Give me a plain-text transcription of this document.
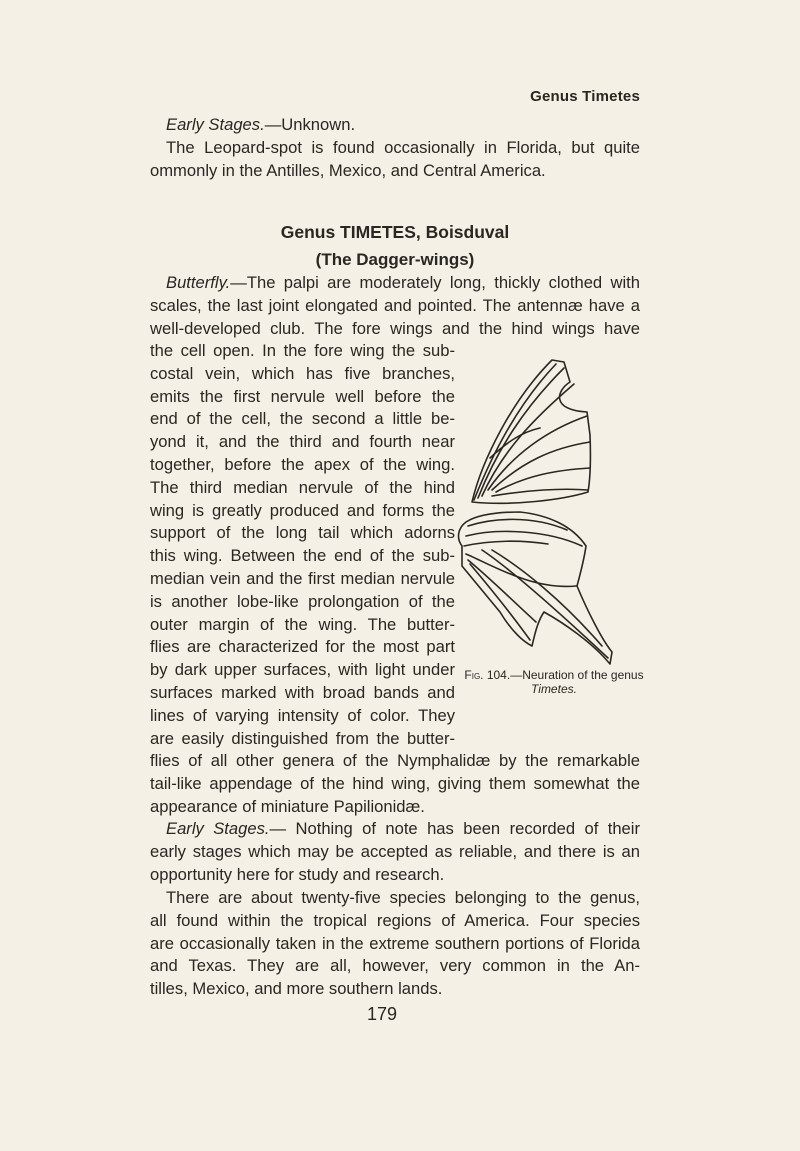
Genus Timetes

Early Stages.—Unknown.

The Leopard-spot is found occasionally in Florida, but quite

ommonly in the Antilles, Mexico, and Central America.

Genus TIMETES, Boisduval
(The Dagger-wings)

Butterfly.—The palpi are moderately long, thickly clothed with

scales, the last joint elongated and pointed. The antennæ have a

well-developed club. The fore wings and the hind wings have

the cell open. In the fore wing the sub-

costal vein, which has five branches,

emits the first nervule well before the

end of the cell, the second a little be-

yond it, and the third and fourth near

together, before the apex of the wing.

The third median nervule of the hind

wing is greatly produced and forms the

support of the long tail which adorns

this wing. Between the end of the sub-

median vein and the first median nervule

is another lobe-like prolongation of the

outer margin of the wing. The butter-

flies are characterized for the most part

by dark upper surfaces, with light under

surfaces marked with broad bands and

lines of varying intensity of color. They

are easily distinguished from the butter-

Fig. 104.—Neuration of the genus Timetes.

flies of all other genera of the Nymphalidæ by the remarkable

tail-like appendage of the hind wing, giving them somewhat the

appearance of miniature Papilionidæ.

Early Stages.— Nothing of note has been recorded of their

early stages which may be accepted as reliable, and there is an

opportunity here for study and research.

There are about twenty-five species belonging to the genus,

all found within the tropical regions of America. Four species

are occasionally taken in the extreme southern portions of Florida

and Texas. They are all, however, very common in the An-

tilles, Mexico, and more southern lands.

179
